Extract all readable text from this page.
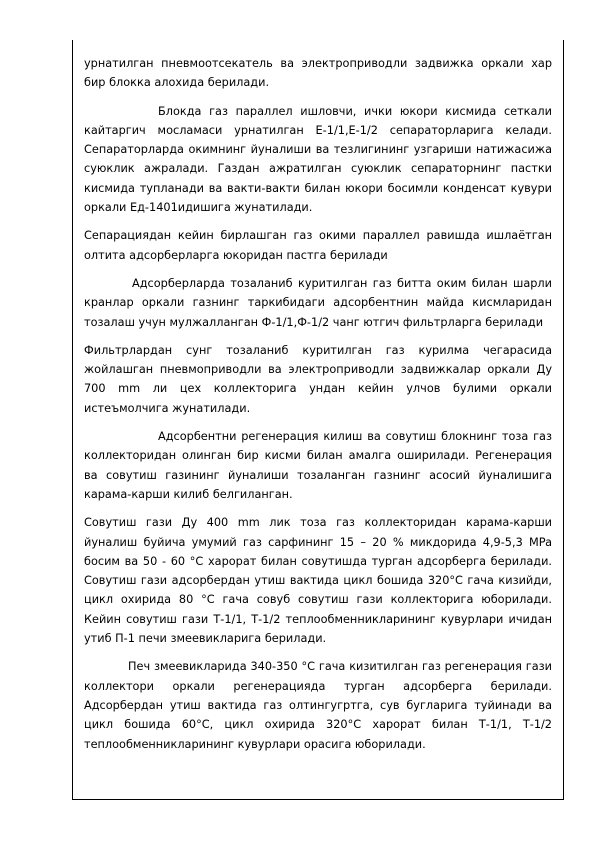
урнатилган пневмоотсекатель ва электроприводли задвижка оркали хар бир блокка алохида берилади.

Блокда газ параллел ишловчи, ички юкори кисмида сеткали кайтаргич мосламаси урнатилган Е-1/1,Е-1/2 сепараторларига келади. Сепараторларда окимнинг йуналиши ва тезлигининг узгариши натижасижа суюклик ажралади. Газдан ажратилган суюклик сепараторнинг пастки кисмида тупланади ва вакти-вакти билан юкори босимли конденсат кувури оркали Ед-1401идишига жунатилади.

Сепарациядан кейин бирлашган газ окими параллел равишда ишлаётган олтита адсорберларга юкоридан пастга берилади

Адсорберларда тозаланиб куритилган газ битта оким билан шарли кранлар оркали газнинг таркибидаги адсорбентнин майда кисмларидан тозалаш учун мулжалланган Ф-1/1,Ф-1/2 чанг ютгич фильтрларга берилади

Фильтрлардан сунг тозаланиб куритилган газ курилма чегарасида жойлашган пневмоприводли ва электроприводли задвижкалар оркали Ду 700 mm ли цех коллекторига ундан кейин улчов булими оркали истеъмолчига жунатилади.

Адсорбентни регенерация килиш ва совутиш блокнинг тоза газ коллекторидан олинган бир кисми билан амалга оширилади. Регенерация ва совутиш газининг йуналиши тозаланган газнинг асосий йуналишига карама-карши килиб белгиланган.

Совутиш гази Ду 400 mm лик тоза газ коллекторидан карама-карши йуналиш буйича умумий газ сарфининг 15 – 20 % микдорида 4,9-5,3 MPa босим ва 50 - 60 °С харорат билан совутишда турган адсорберга берилади. Совутиш гази адсорбердан утиш вактида цикл бошида 320°С гача кизийди, цикл охирида 80 °С гача совуб совутиш гази коллекторига юборилади. Кейин совутиш гази Т-1/1, Т-1/2 теплообменникларининг кувурлари ичидан утиб П-1 печи змеевикларига берилади.

Печ змеевикларида 340-350 °С гача кизитилган газ регенерация гази коллектори оркали регенерацияда турган адсорберга берилади. Адсорбердан утиш вактида газ олтингугртга, сув бугларига туйинади ва цикл бошида 60°С, цикл охирида 320°С харорат билан Т-1/1, Т-1/2 теплообменникларининг кувурлари орасига юборилади.
